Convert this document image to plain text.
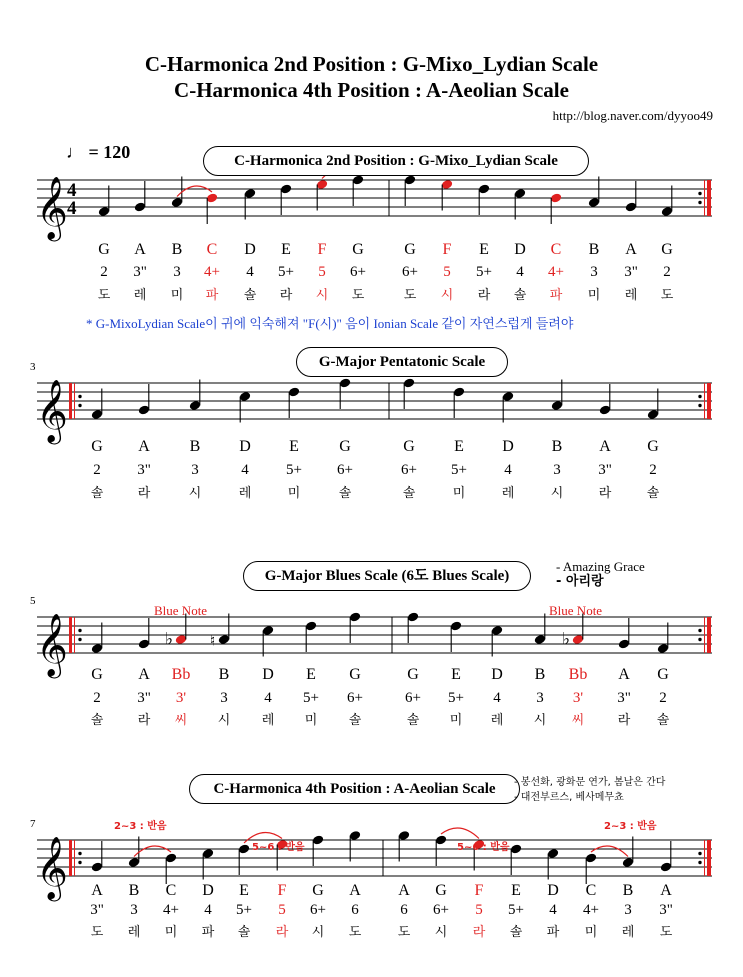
C-Harmonica 2nd Position : G-Mixo_Lydian Scale
C-Harmonica 4th Position : A-Aeolian Scale
http://blog.naver.com/dyyoo49
♩ = 120
𝄞 4
4
C-Harmonica 2nd Position : G-Mixo_Lydian Scale
G	A	B	C	D	E	F	G	G	F	E	D	C	B	A	G
2	3"	3	4+	4	5+	5	6+	6+	5	5+	4	4+	3	3"	2
도	레	미	파	솔	라	시	도	도	시	라	솔	파	미	레	도
* G-MixoLydian Scale이 귀에 익숙해져 "F(시)" 음이 Ionian Scale 같이 자연스럽게 들려야
𝄞
G-Major Pentatonic Scale
3
G	A	B	D	E	G	G	E	D	B	A	G
2	3"	3	4	5+	6+	6+	5+	4	3	3"	2
솔	라	시	레	미	솔	솔	미	레	시	라	솔
𝄞	♭ ♮	♭
G-Major Blues Scale (6도 Blues Scale)
5
G	A	Bb	B	D	E	G	G	E	D	B	Bb	A	G
2	3"	3'	3	4	5+	6+	6+	5+	4	3	3'	3"	2
솔	라	씨	시	레	미	솔	솔	미	레	시	씨	라	솔
- Amazing Grace
- 아리랑
Blue Note	Blue Note
𝄞
C-Harmonica 4th Position : A-Aeolian Scale
7
A	B	C	D	E	F	G	A	A	G	F	E	D	C	B	A
3"	3	4+	4	5+	5	6+	6	6	6+	5	5+	4	4+	3	3"
도	레	미	파	솔	라	시	도	도	시	라	솔	파	미	레	도
- 봉선화, 광화문 연가, 봄날은 간다
- 대전부르스, 베사메무쵸
2~3 : 반음	2~3 : 반음
5~6 : 반음	5~6 : 반음
